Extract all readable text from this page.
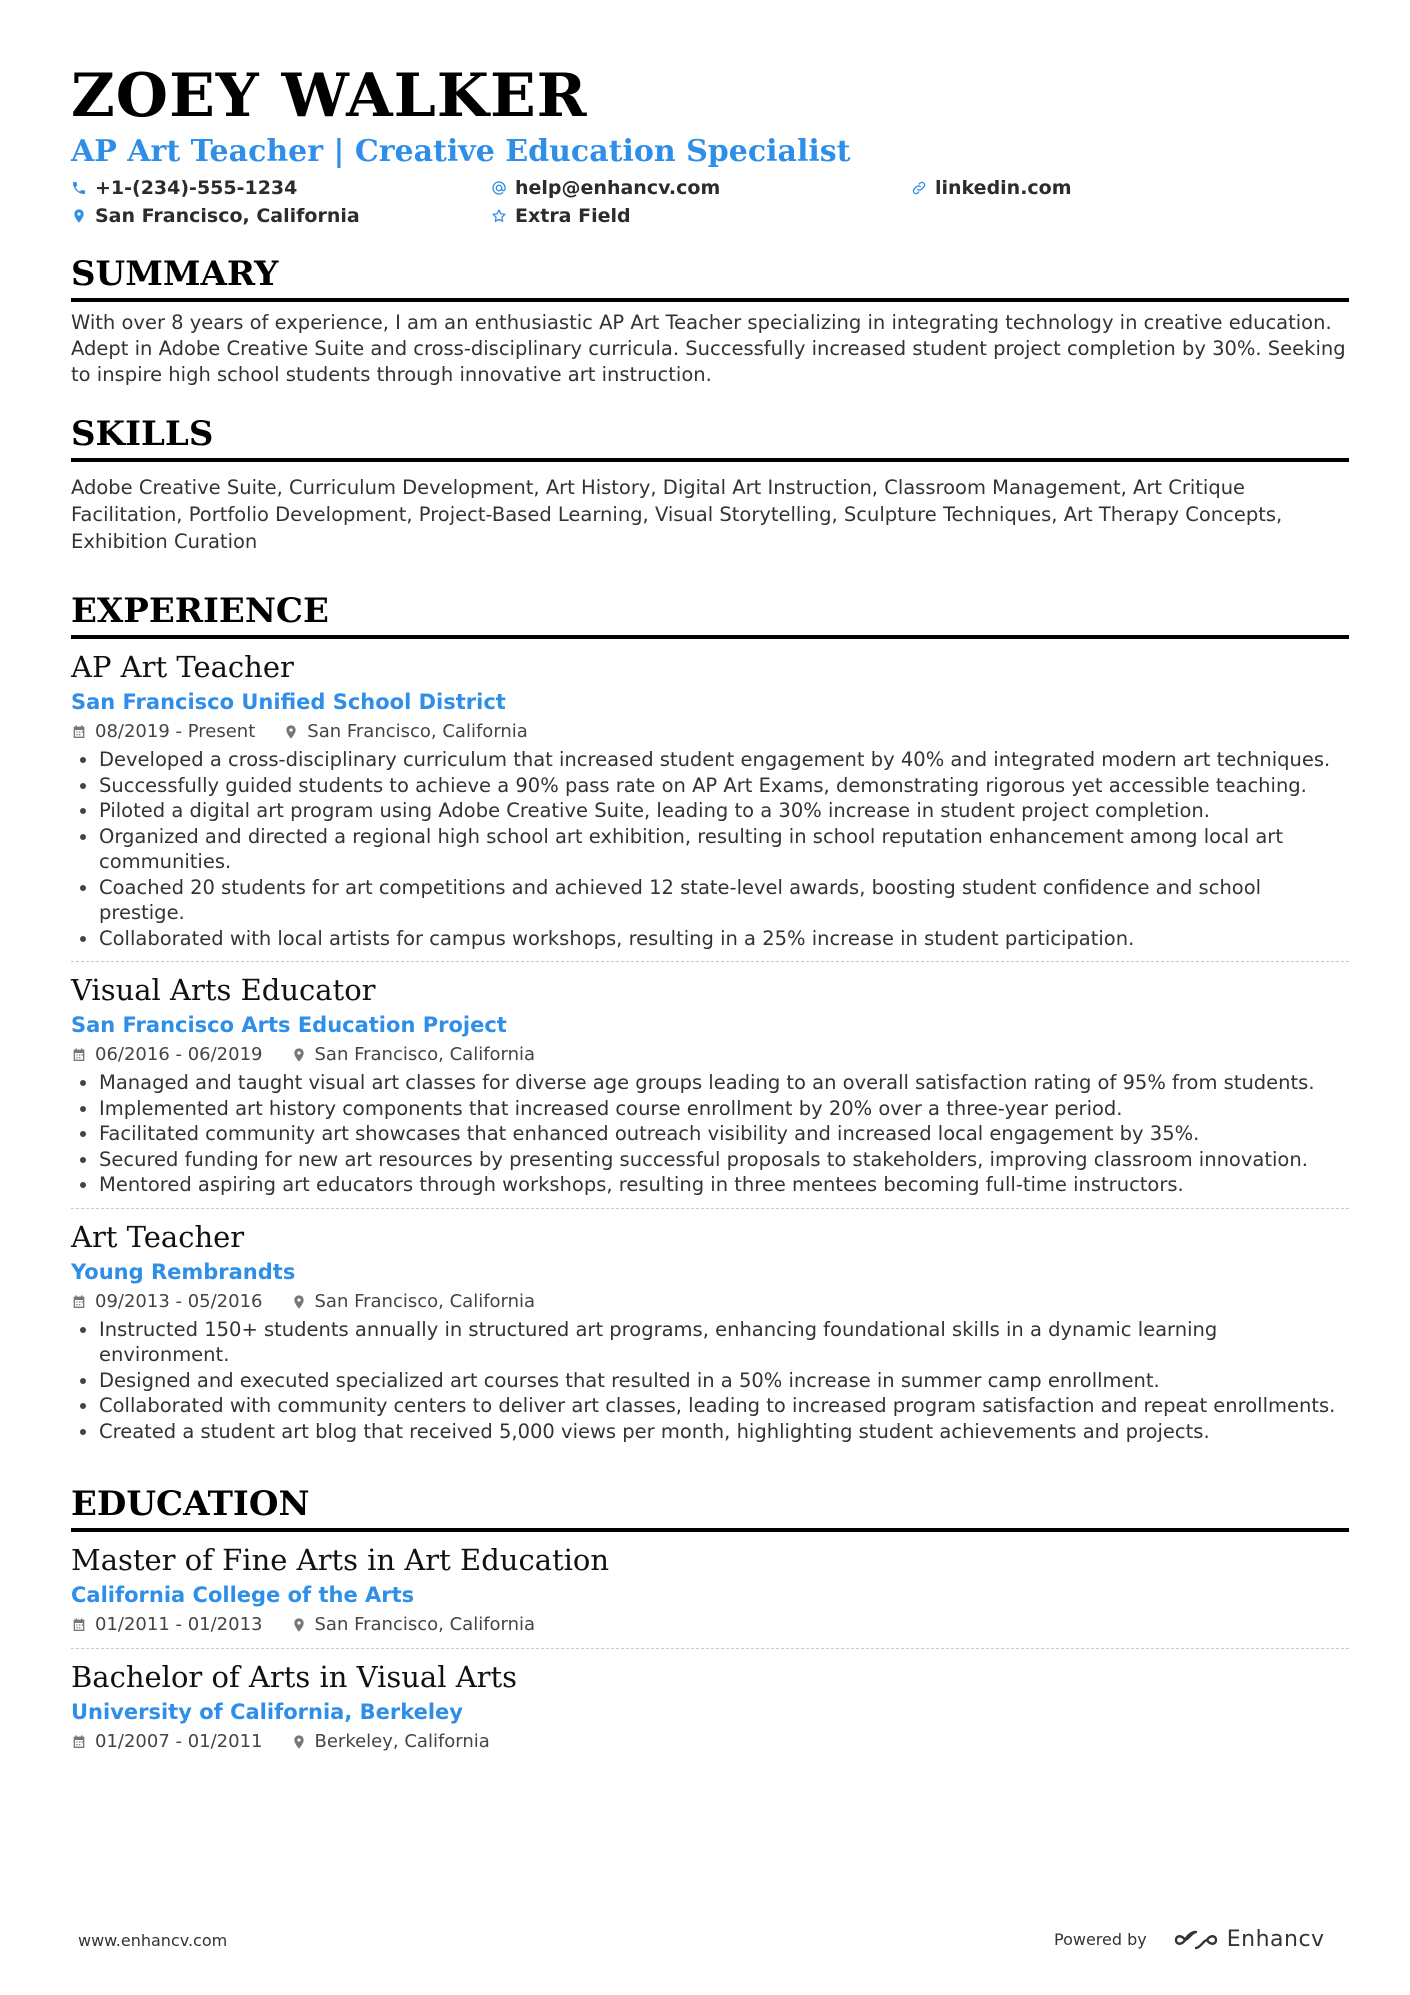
ZOEY WALKER
AP Art Teacher | Creative Education Specialist
+1-(234)-555-1234	help@enhancv.com	linkedin.com
San Francisco, California	Extra Field
SUMMARY
With over 8 years of experience, I am an enthusiastic AP Art Teacher specializing in integrating technology in creative education. Adept in Adobe Creative Suite and cross-disciplinary curricula. Successfully increased student project completion by 30%. Seeking to inspire high school students through innovative art instruction.
SKILLS
Adobe Creative Suite, Curriculum Development, Art History, Digital Art Instruction, Classroom Management, Art Critique Facilitation, Portfolio Development, Project-Based Learning, Visual Storytelling, Sculpture Techniques, Art Therapy Concepts, Exhibition Curation
EXPERIENCE
AP Art Teacher
San Francisco Unified School District
08/2019 - Present	San Francisco, California
• Developed a cross-disciplinary curriculum that increased student engagement by 40% and integrated modern art techniques.
• Successfully guided students to achieve a 90% pass rate on AP Art Exams, demonstrating rigorous yet accessible teaching.
• Piloted a digital art program using Adobe Creative Suite, leading to a 30% increase in student project completion.
• Organized and directed a regional high school art exhibition, resulting in school reputation enhancement among local art communities.
• Coached 20 students for art competitions and achieved 12 state-level awards, boosting student confidence and school prestige.
• Collaborated with local artists for campus workshops, resulting in a 25% increase in student participation.
Visual Arts Educator
San Francisco Arts Education Project
06/2016 - 06/2019	San Francisco, California
• Managed and taught visual art classes for diverse age groups leading to an overall satisfaction rating of 95% from students.
• Implemented art history components that increased course enrollment by 20% over a three-year period.
• Facilitated community art showcases that enhanced outreach visibility and increased local engagement by 35%.
• Secured funding for new art resources by presenting successful proposals to stakeholders, improving classroom innovation.
• Mentored aspiring art educators through workshops, resulting in three mentees becoming full-time instructors.
Art Teacher
Young Rembrandts
09/2013 - 05/2016	San Francisco, California
• Instructed 150+ students annually in structured art programs, enhancing foundational skills in a dynamic learning environment.
• Designed and executed specialized art courses that resulted in a 50% increase in summer camp enrollment.
• Collaborated with community centers to deliver art classes, leading to increased program satisfaction and repeat enrollments.
• Created a student art blog that received 5,000 views per month, highlighting student achievements and projects.
EDUCATION
Master of Fine Arts in Art Education
California College of the Arts
01/2011 - 01/2013	San Francisco, California
Bachelor of Arts in Visual Arts
University of California, Berkeley
01/2007 - 01/2011	Berkeley, California
www.enhancv.com	Powered by	Enhancv
